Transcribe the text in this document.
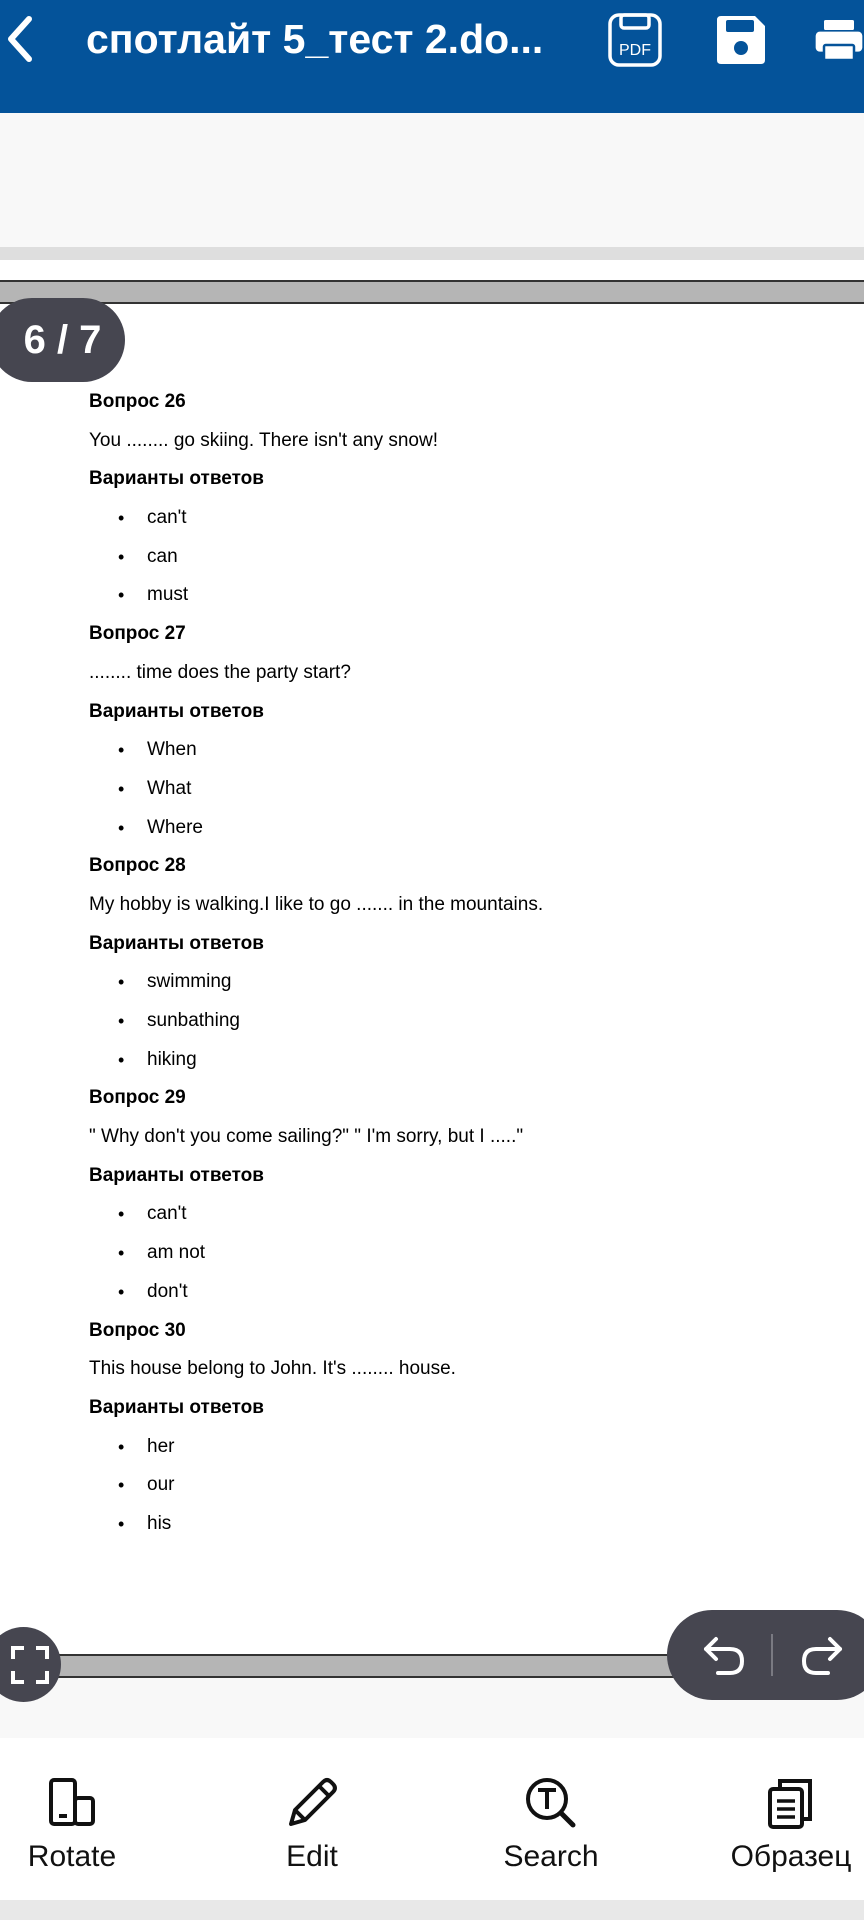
спотлайт 5_тест 2.do...	PDF
6 / 7
Вопрос 26
You ........ go skiing. There isn't any snow!
Варианты ответов
• can't
• can
• must
Вопрос 27
........ time does the party start?
Варианты ответов
• When
• What
• Where
Вопрос 28
My hobby is walking.I like to go ....... in the mountains.
Варианты ответов
• swimming
• sunbathing
• hiking
Вопрос 29
" Why don't you come sailing?" " I'm sorry, but I ....."
Варианты ответов
• can't
• am not
• don't
Вопрос 30
This house belong to John. It's ........ house.
Варианты ответов
• her
• our
• his
Rotate	Edit	Search	Образец
